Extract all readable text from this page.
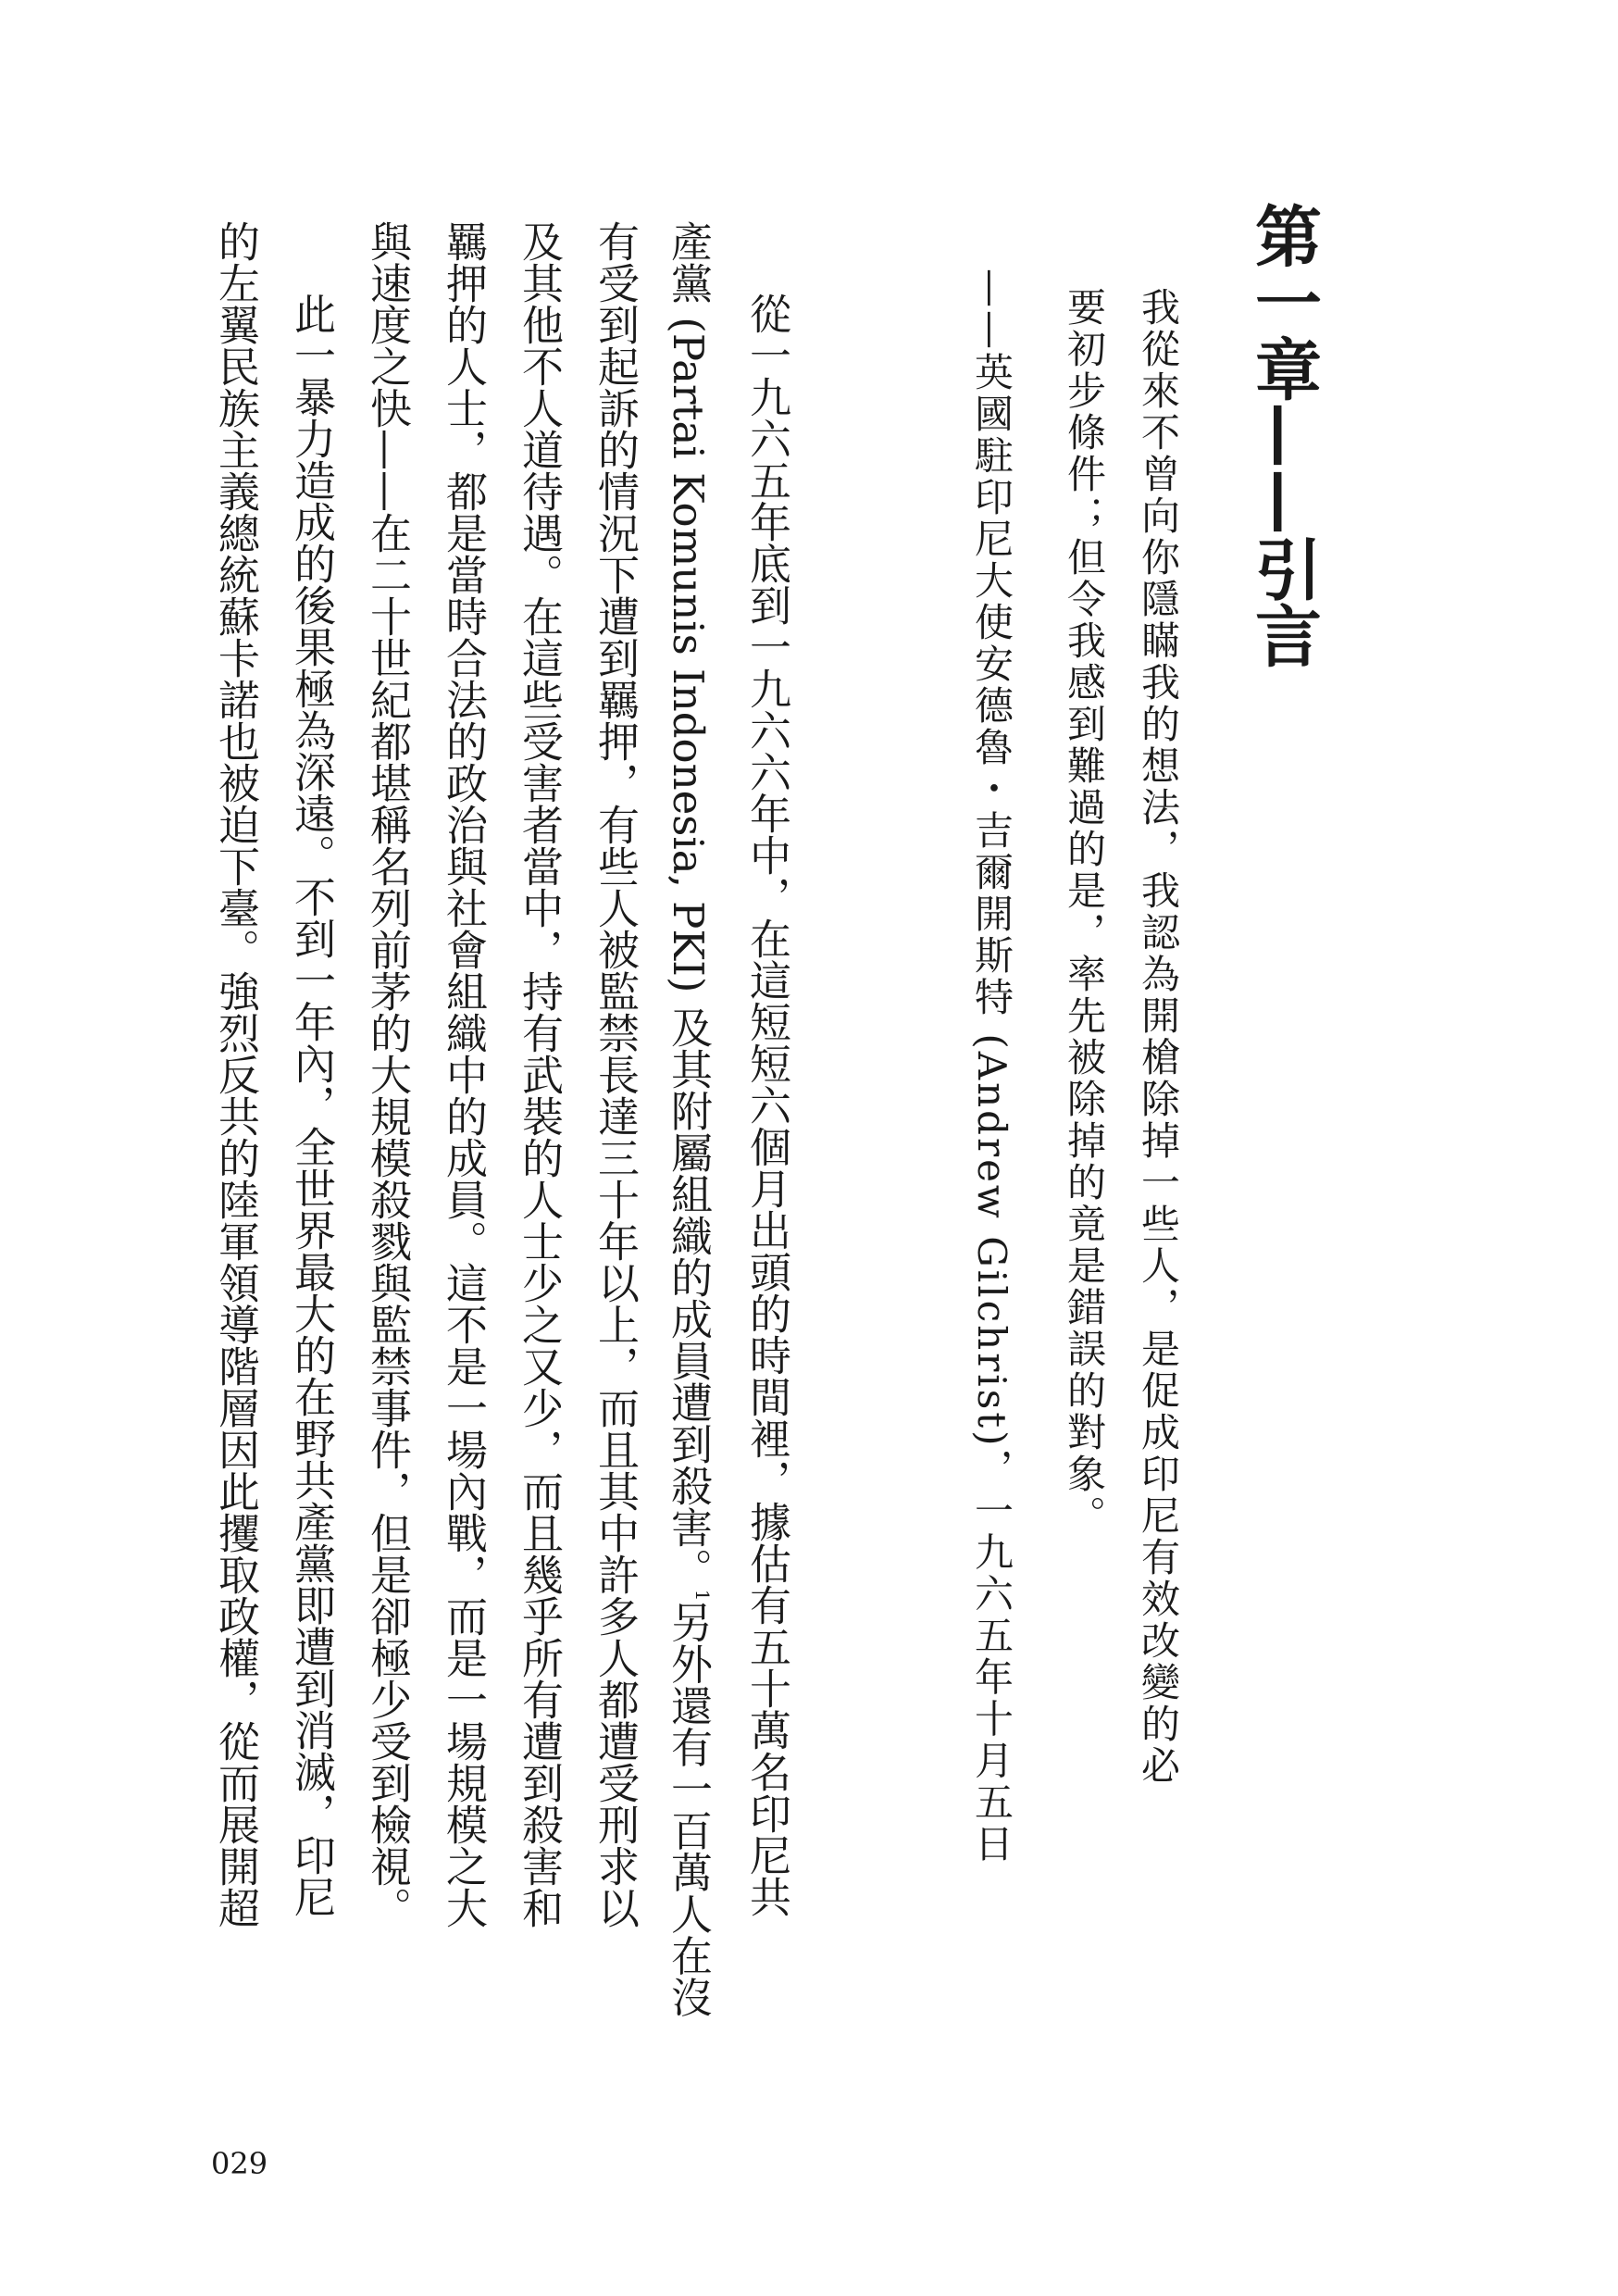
第一章——引言
我從來不曾向你隱瞞我的想法，我認為開槍除掉一些人，是促成印尼有效改變的必
要初步條件；但令我感到難過的是，率先被除掉的竟是錯誤的對象。
——英國駐印尼大使安德魯・吉爾開斯特 (Andrew Gilchrist)，一九六五年十月五日
從一九六五年底到一九六六年中，在這短短六個月出頭的時間裡，據估有五十萬名印尼共
產黨 (Partai Komunis Indonesia, PKI) 及其附屬組織的成員遭到殺害。$^1$另外還有一百萬人在沒
有受到起訴的情況下遭到羈押，有些人被監禁長達三十年以上，而且其中許多人都遭受刑求以
及其他不人道待遇。在這些受害者當中，持有武裝的人士少之又少，而且幾乎所有遭到殺害和
羈押的人士，都是當時合法的政治與社會組織中的成員。這不是一場內戰，而是一場規模之大
與速度之快——在二十世紀都堪稱名列前茅的大規模殺戮與監禁事件，但是卻極少受到檢視。
此一暴力造成的後果極為深遠。不到一年內，全世界最大的在野共產黨即遭到消滅，印尼
的左翼民族主義總統蘇卡諾也被迫下臺。強烈反共的陸軍領導階層因此攫取政權，從而展開超
029
